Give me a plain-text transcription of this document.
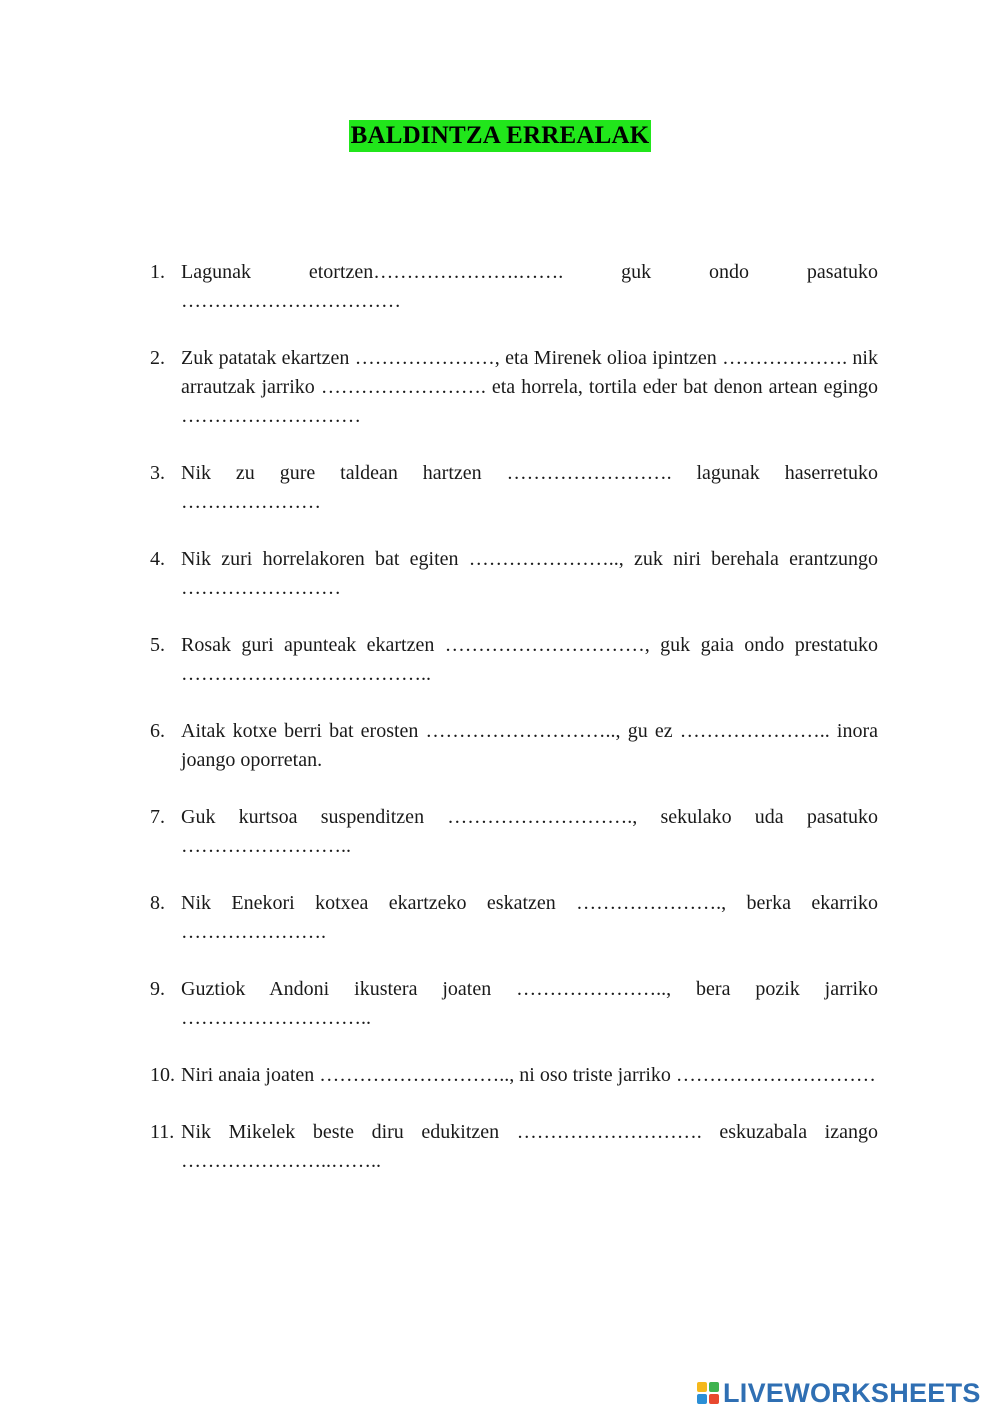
BALDINTZA ERREALAK
1. Lagunak etortzen………………….……. guk ondo pasatuko ……………………………
2. Zuk patatak ekartzen …………………, eta Mirenek olioa ipintzen ………………. nik arrautzak jarriko ……………………. eta horrela, tortila eder bat denon artean egingo ………………………
3. Nik zu gure taldean hartzen ……………………. lagunak haserretuko …………………
4. Nik zuri horrelakoren bat egiten ………………….., zuk niri berehala erantzungo ……………………
5. Rosak guri apunteak ekartzen …………………………, guk gaia ondo prestatuko ………………………………..
6. Aitak kotxe berri bat erosten ……………………….., gu ez ………………….. inora joango oporretan.
7. Guk kurtsoa suspenditzen ………………………., sekulako uda pasatuko ……………………..
8. Nik Enekori kotxea ekartzeko eskatzen …………………., berka ekarriko ………………….
9. Guztiok Andoni ikustera joaten ………………….., bera pozik jarriko ………………………..
10. Niri anaia joaten ……………………….., ni oso triste jarriko …………………………
11. Nik Mikelek beste diru edukitzen ………………………. eskuzabala izango …………………..……..
LIVEWORKSHEETS
